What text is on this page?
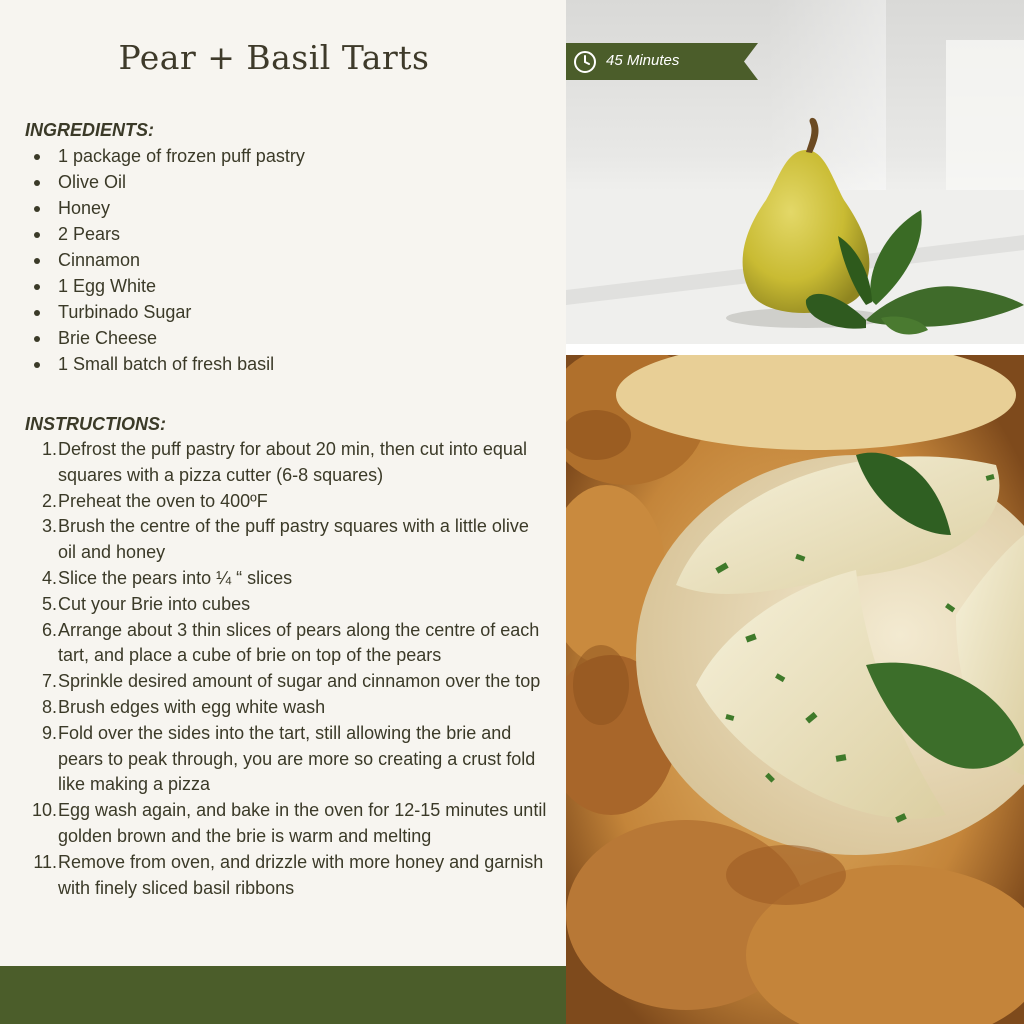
Pear + Basil Tarts
INGREDIENTS:
1 package of frozen puff pastry
Olive Oil
Honey
2 Pears
Cinnamon
1 Egg White
Turbinado Sugar
Brie Cheese
1 Small batch of fresh basil
INSTRUCTIONS:
1. Defrost the puff pastry for about 20 min, then cut into equal squares with a pizza cutter (6-8 squares)
2. Preheat the oven to 400ºF
3. Brush the centre of the puff pastry squares with a little olive oil and honey
4. Slice the pears into ¼ “ slices
5. Cut your Brie into cubes
6. Arrange about 3 thin slices of pears along the centre of each tart, and place a cube of brie on top of the pears
7. Sprinkle desired amount of sugar and cinnamon over the top
8. Brush edges with egg white wash
9. Fold over the sides into the tart, still allowing the brie and pears to peak through, you are more so creating a crust fold like making a pizza
10. Egg wash again, and bake in the oven for 12-15 minutes until golden brown and the brie is warm and melting
11. Remove from oven, and drizzle with more honey and garnish with finely sliced basil ribbons
45 Minutes
